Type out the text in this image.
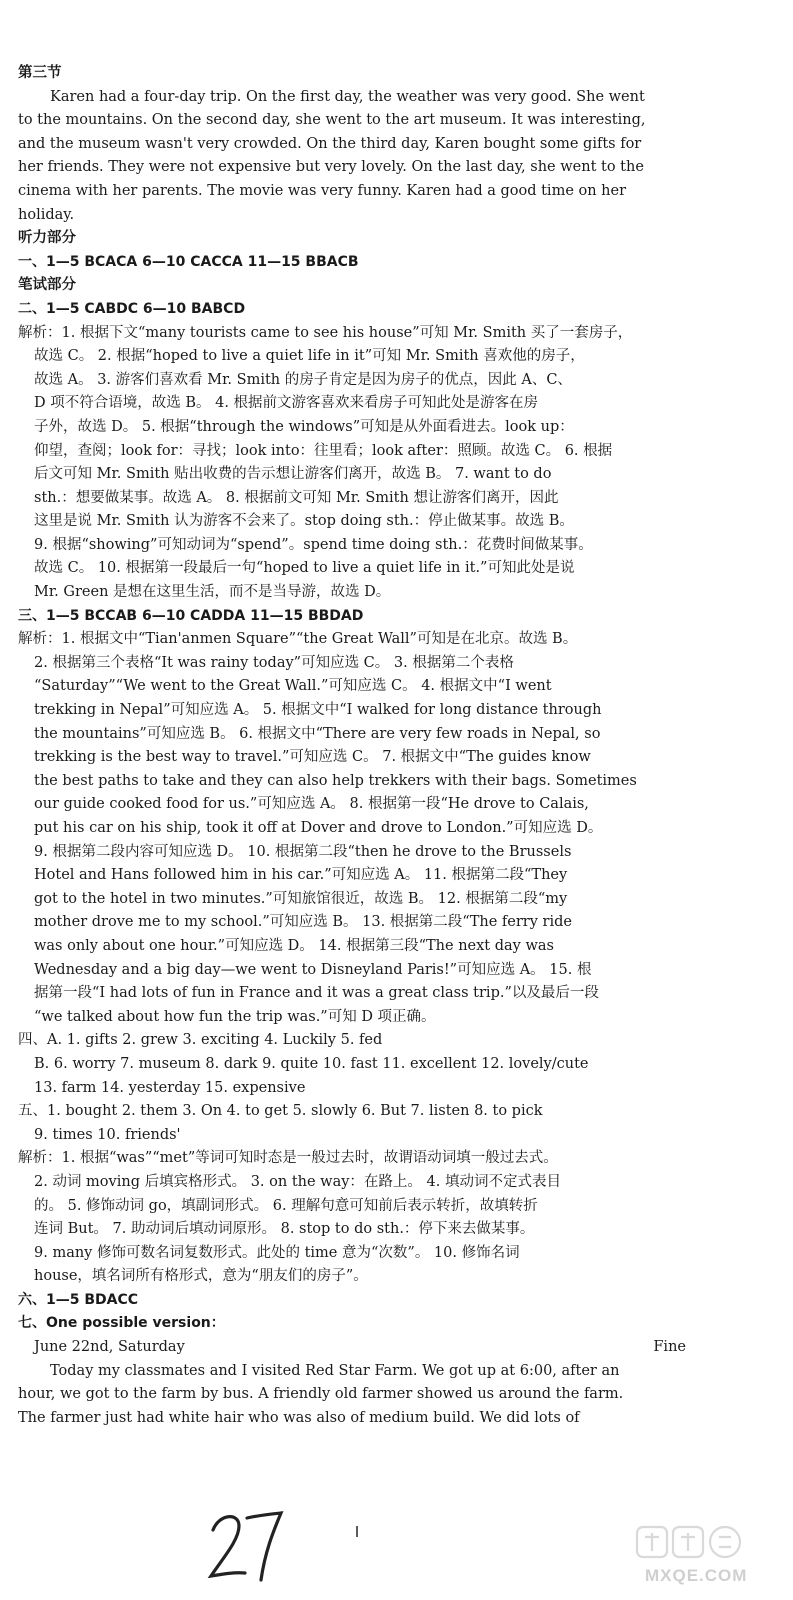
第三节
Karen had a four-day trip. On the first day, the weather was very good. She went
to the mountains. On the second day, she went to the art museum. It was interesting,
and the museum wasn't very crowded. On the third day, Karen bought some gifts for
her friends. They were not expensive but very lovely. On the last day, she went to the
cinema with her parents. The movie was very funny. Karen had a good time on her
holiday.
听力部分
一、1—5 BCACA 6—10 CACCA 11—15 BBACB
笔试部分
二、1—5 CABDC 6—10 BABCD
解析：1. 根据下文“many tourists came to see his house”可知 Mr. Smith 买了一套房子，
故选 C。 2. 根据“hoped to live a quiet life in it”可知 Mr. Smith 喜欢他的房子，
故选 A。 3. 游客们喜欢看 Mr. Smith 的房子肯定是因为房子的优点，因此 A、C、
D 项不符合语境，故选 B。 4. 根据前文游客喜欢来看房子可知此处是游客在房
子外，故选 D。 5. 根据“through the windows”可知是从外面看进去。look up：
仰望，查阅；look for：寻找；look into：往里看；look after：照顾。故选 C。 6. 根据
后文可知 Mr. Smith 贴出收费的告示想让游客们离开，故选 B。 7. want to do
sth.：想要做某事。故选 A。 8. 根据前文可知 Mr. Smith 想让游客们离开，因此
这里是说 Mr. Smith 认为游客不会来了。stop doing sth.：停止做某事。故选 B。
9. 根据“showing”可知动词为“spend”。spend time doing sth.：花费时间做某事。
故选 C。 10. 根据第一段最后一句“hoped to live a quiet life in it.”可知此处是说
Mr. Green 是想在这里生活，而不是当导游，故选 D。
三、1—5 BCCAB 6—10 CADDA 11—15 BBDAD
解析：1. 根据文中“Tian'anmen Square”“the Great Wall”可知是在北京。故选 B。
2. 根据第三个表格“It was rainy today”可知应选 C。 3. 根据第二个表格
“Saturday”“We went to the Great Wall.”可知应选 C。 4. 根据文中“I went
trekking in Nepal”可知应选 A。 5. 根据文中“I walked for long distance through
the mountains”可知应选 B。 6. 根据文中“There are very few roads in Nepal, so
trekking is the best way to travel.”可知应选 C。 7. 根据文中“The guides know
the best paths to take and they can also help trekkers with their bags. Sometimes
our guide cooked food for us.”可知应选 A。 8. 根据第一段“He drove to Calais,
put his car on his ship, took it off at Dover and drove to London.”可知应选 D。
9. 根据第二段内容可知应选 D。 10. 根据第二段“then he drove to the Brussels
Hotel and Hans followed him in his car.”可知应选 A。 11. 根据第二段“They
got to the hotel in two minutes.”可知旅馆很近，故选 B。 12. 根据第二段“my
mother drove me to my school.”可知应选 B。 13. 根据第二段“The ferry ride
was only about one hour.”可知应选 D。 14. 根据第三段“The next day was
Wednesday and a big day—we went to Disneyland Paris!”可知应选 A。 15. 根
据第一段“I had lots of fun in France and it was a great class trip.”以及最后一段
“we talked about how fun the trip was.”可知 D 项正确。
四、A. 1. gifts 2. grew 3. exciting 4. Luckily 5. fed
B. 6. worry 7. museum 8. dark 9. quite 10. fast 11. excellent 12. lovely/cute
13. farm 14. yesterday 15. expensive
五、1. bought 2. them 3. On 4. to get 5. slowly 6. But 7. listen 8. to pick
9. times 10. friends'
解析：1. 根据“was”“met”等词可知时态是一般过去时，故谓语动词填一般过去式。
2. 动词 moving 后填宾格形式。 3. on the way：在路上。 4. 填动词不定式表目
的。 5. 修饰动词 go，填副词形式。 6. 理解句意可知前后表示转折，故填转折
连词 But。 7. 助动词后填动词原形。 8. stop to do sth.：停下来去做某事。
9. many 修饰可数名词复数形式。此处的 time 意为“次数”。 10. 修饰名词
house，填名词所有格形式，意为“朋友们的房子”。
六、1—5 BDACC
七、One possible version：
June 22nd, Saturday	Fine
Today my classmates and I visited Red Star Farm. We got up at 6:00, after an
hour, we got to the farm by bus. A friendly old farmer showed us around the farm.
The farmer just had white hair who was also of medium build. We did lots of
MXQE.COM
